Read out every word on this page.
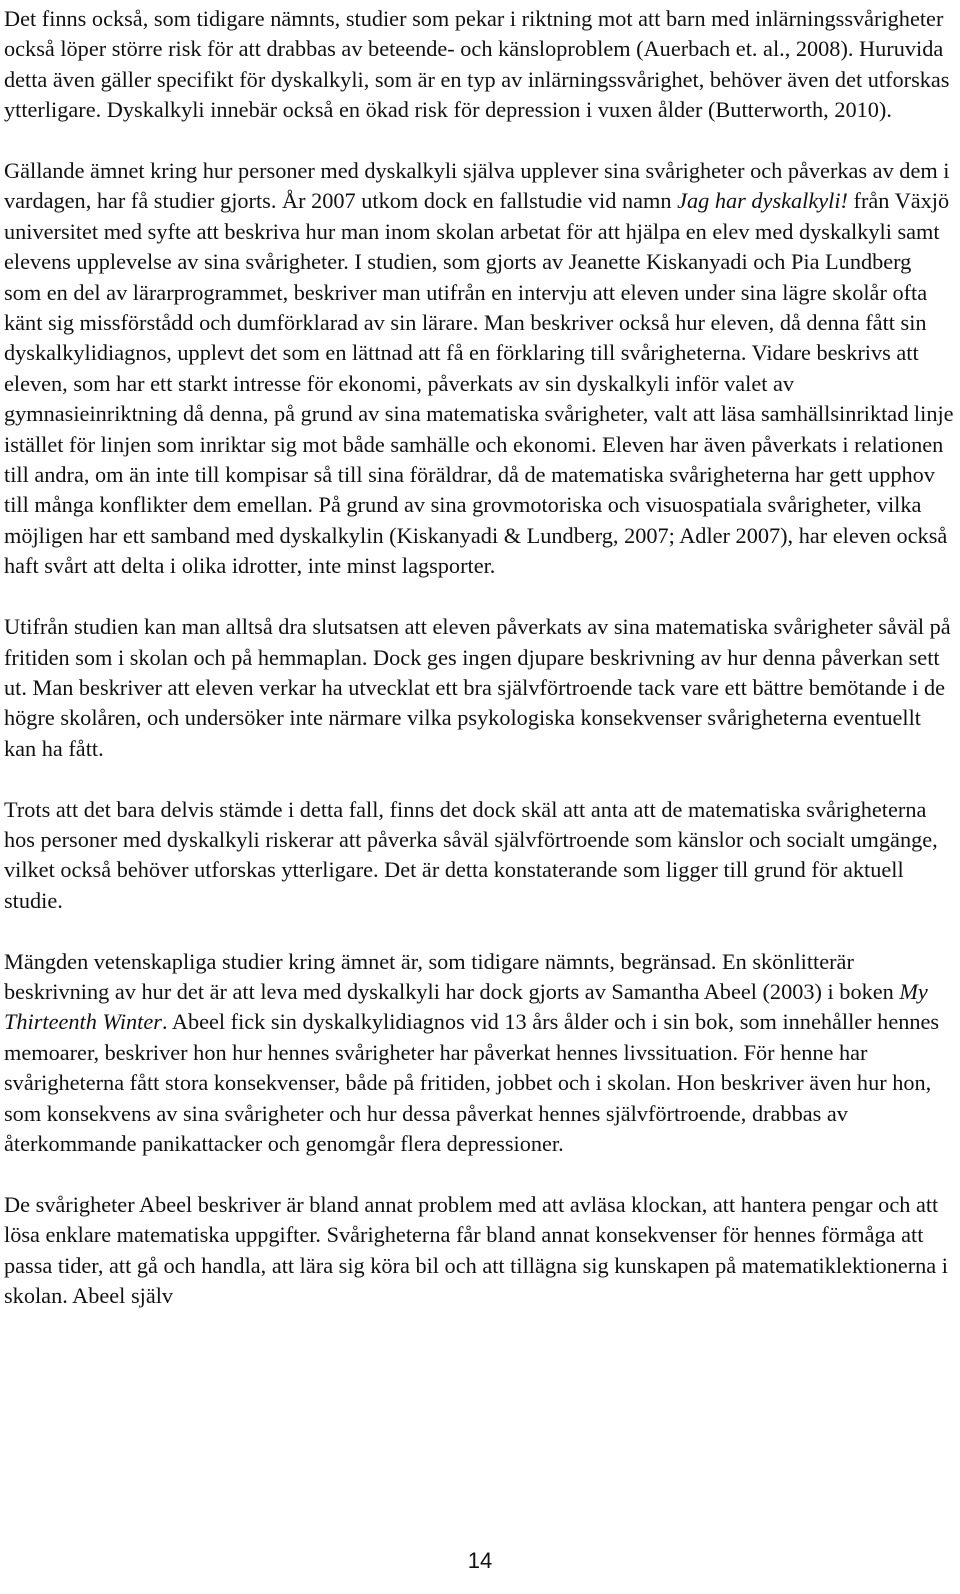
Det finns också, som tidigare nämnts, studier som pekar i riktning mot att barn med inlärningssvårigheter också löper större risk för att drabbas av beteende- och känsloproblem (Auerbach et. al., 2008). Huruvida detta även gäller specifikt för dyskalkyli, som är en typ av inlärningssvårighet, behöver även det utforskas ytterligare. Dyskalkyli innebär också en ökad risk för depression i vuxen ålder (Butterworth, 2010).

Gällande ämnet kring hur personer med dyskalkyli själva upplever sina svårigheter och påverkas av dem i vardagen, har få studier gjorts. År 2007 utkom dock en fallstudie vid namn Jag har dyskalkyli! från Växjö universitet med syfte att beskriva hur man inom skolan arbetat för att hjälpa en elev med dyskalkyli samt elevens upplevelse av sina svårigheter. I studien, som gjorts av Jeanette Kiskanyadi och Pia Lundberg som en del av lärarprogrammet, beskriver man utifrån en intervju att eleven under sina lägre skolår ofta känt sig missförstådd och dumförklarad av sin lärare. Man beskriver också hur eleven, då denna fått sin dyskalkylidiagnos, upplevt det som en lättnad att få en förklaring till svårigheterna. Vidare beskrivs att eleven, som har ett starkt intresse för ekonomi, påverkats av sin dyskalkyli inför valet av gymnasieinriktning då denna, på grund av sina matematiska svårigheter, valt att läsa samhällsinriktad linje istället för linjen som inriktar sig mot både samhälle och ekonomi. Eleven har även påverkats i relationen till andra, om än inte till kompisar så till sina föräldrar, då de matematiska svårigheterna har gett upphov till många konflikter dem emellan. På grund av sina grovmotoriska och visuospatiala svårigheter, vilka möjligen har ett samband med dyskalkylin (Kiskanyadi & Lundberg, 2007; Adler 2007), har eleven också haft svårt att delta i olika idrotter, inte minst lagsporter.

Utifrån studien kan man alltså dra slutsatsen att eleven påverkats av sina matematiska svårigheter såväl på fritiden som i skolan och på hemmaplan. Dock ges ingen djupare beskrivning av hur denna påverkan sett ut. Man beskriver att eleven verkar ha utvecklat ett bra självförtroende tack vare ett bättre bemötande i de högre skolåren, och undersöker inte närmare vilka psykologiska konsekvenser svårigheterna eventuellt kan ha fått.

Trots att det bara delvis stämde i detta fall, finns det dock skäl att anta att de matematiska svårigheterna hos personer med dyskalkyli riskerar att påverka såväl självförtroende som känslor och socialt umgänge, vilket också behöver utforskas ytterligare. Det är detta konstaterande som ligger till grund för aktuell studie.

Mängden vetenskapliga studier kring ämnet är, som tidigare nämnts, begränsad. En skönlitterär beskrivning av hur det är att leva med dyskalkyli har dock gjorts av Samantha Abeel (2003) i boken My Thirteenth Winter. Abeel fick sin dyskalkylidiagnos vid 13 års ålder och i sin bok, som innehåller hennes memoarer, beskriver hon hur hennes svårigheter har påverkat hennes livssituation. För henne har svårigheterna fått stora konsekvenser, både på fritiden, jobbet och i skolan. Hon beskriver även hur hon, som konsekvens av sina svårigheter och hur dessa påverkat hennes självförtroende, drabbas av återkommande panikattacker och genomgår flera depressioner.

De svårigheter Abeel beskriver är bland annat problem med att avläsa klockan, att hantera pengar och att lösa enklare matematiska uppgifter. Svårigheterna får bland annat konsekvenser för hennes förmåga att passa tider, att gå och handla, att lära sig köra bil och att tillägna sig kunskapen på matematiklektionerna i skolan. Abeel själv

14
